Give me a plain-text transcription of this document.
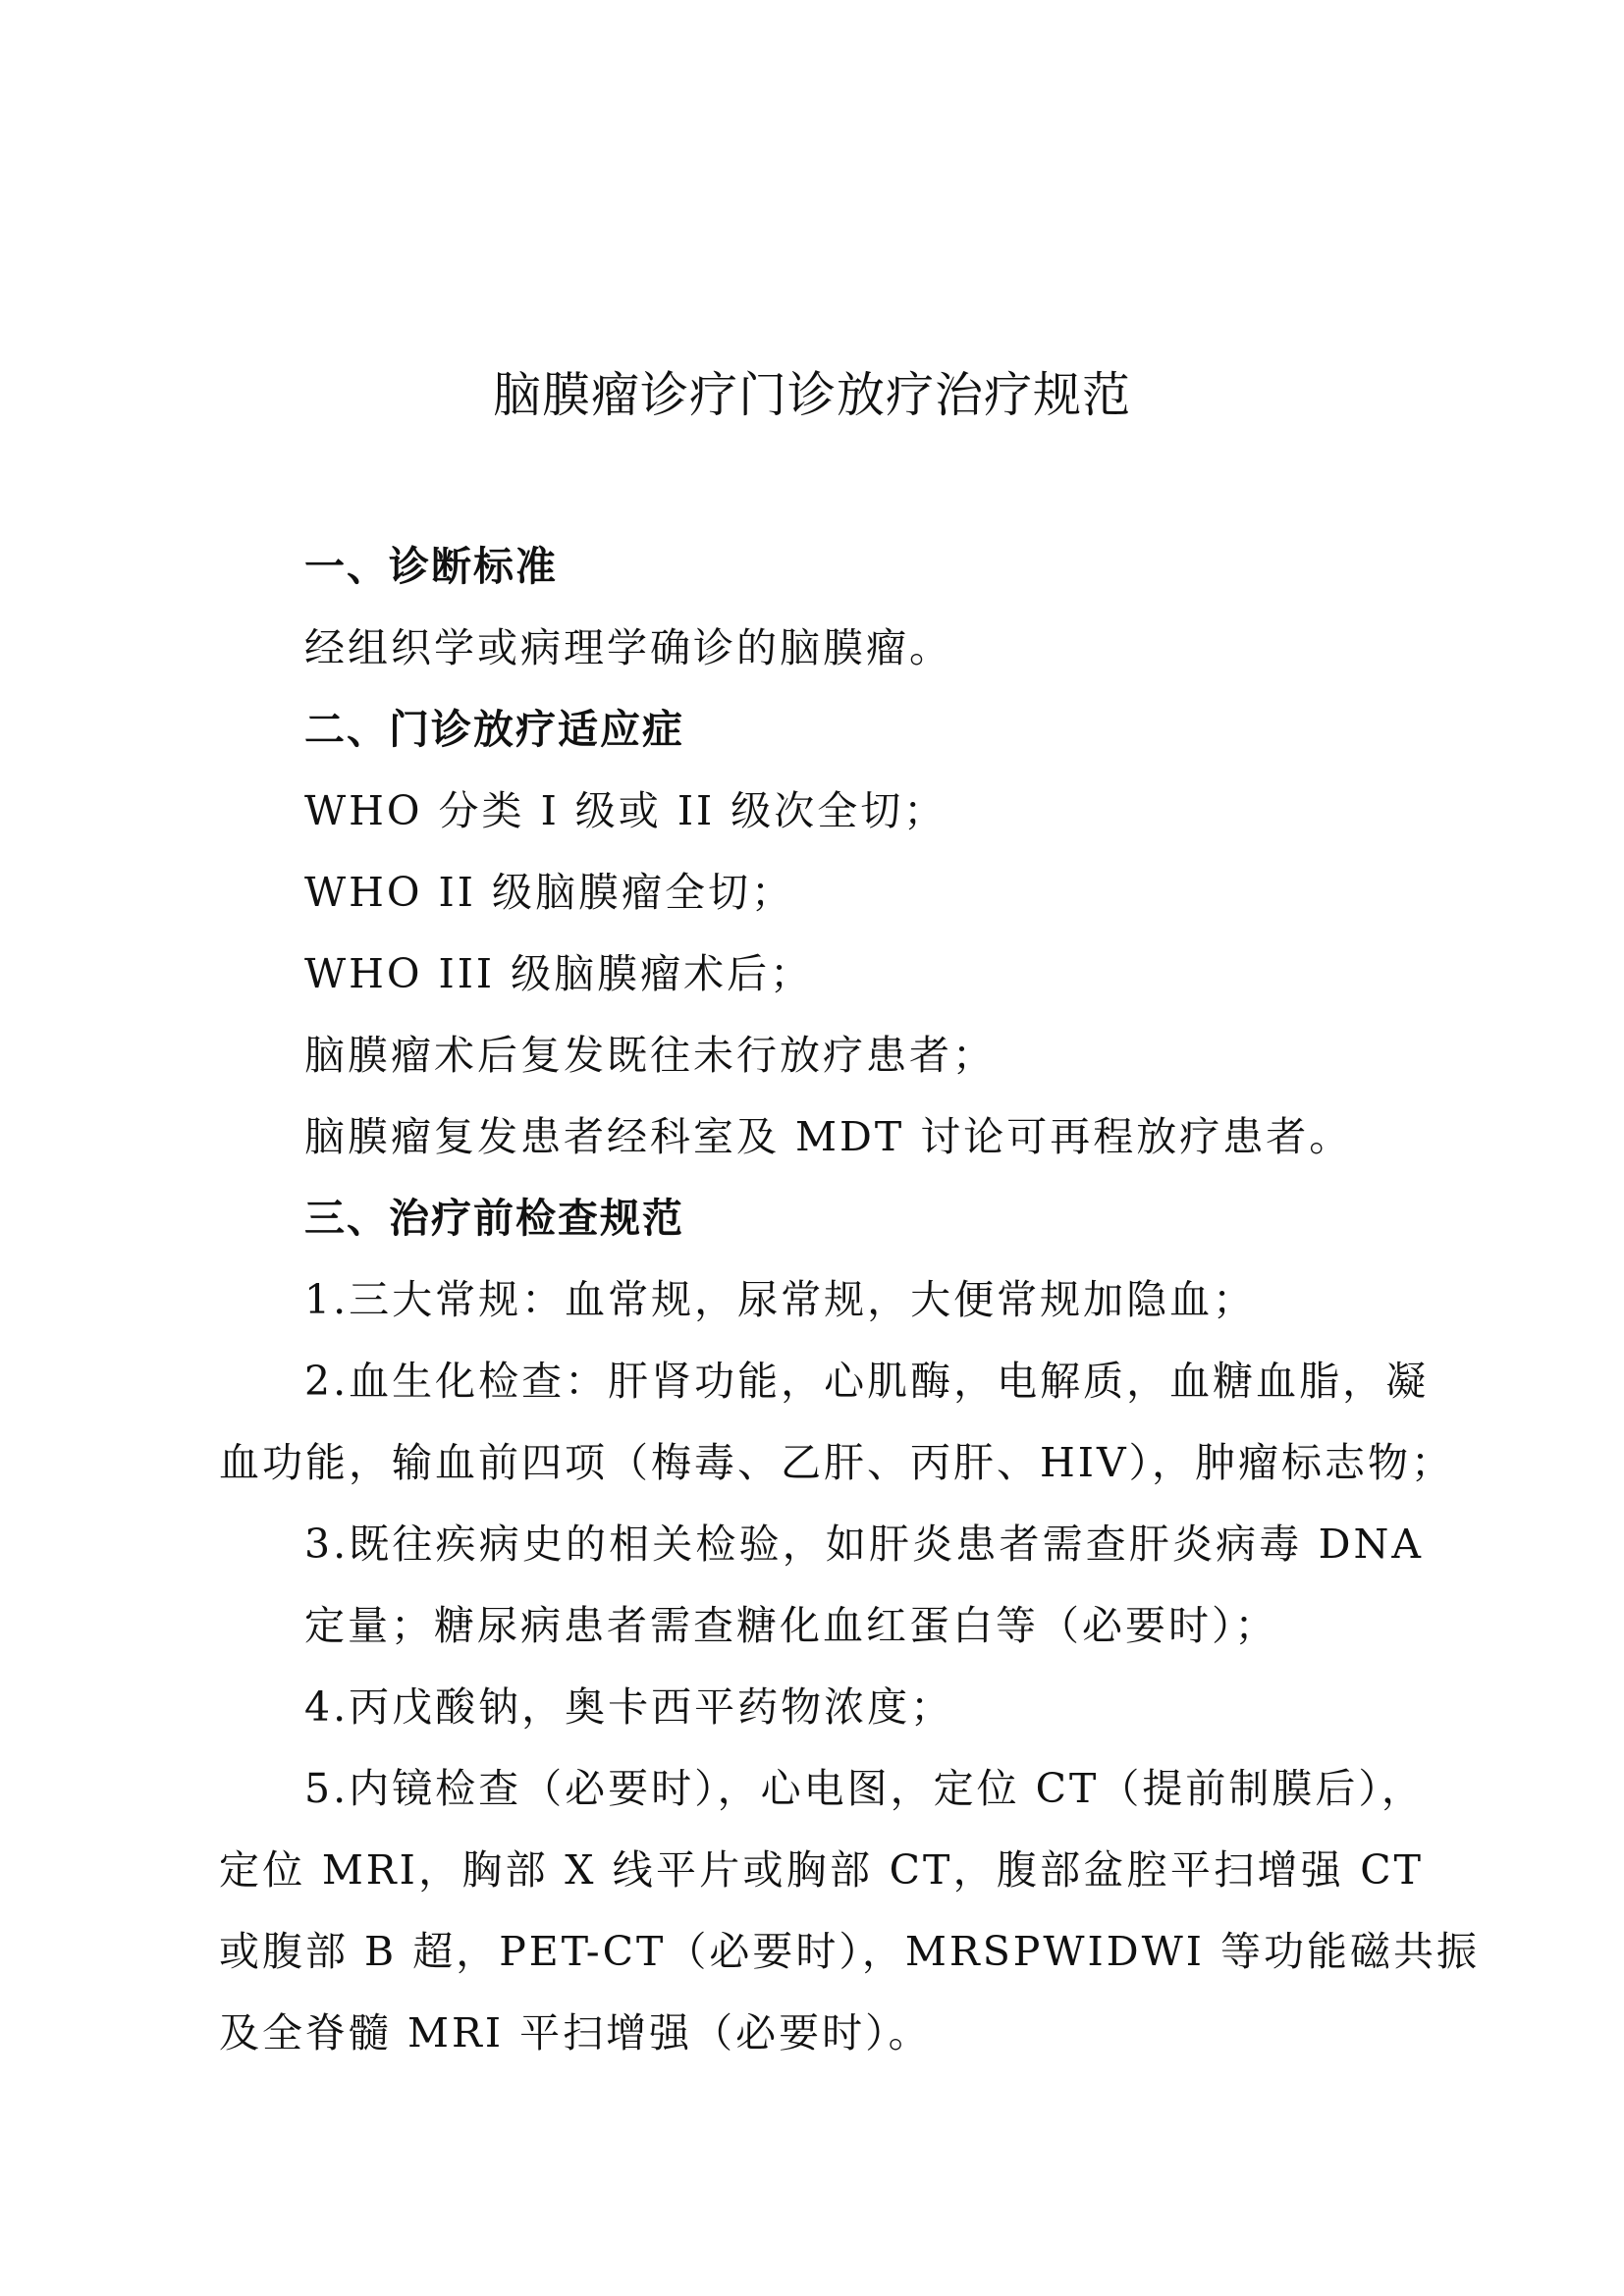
脑膜瘤诊疗门诊放疗治疗规范
一、诊断标准
经组织学或病理学确诊的脑膜瘤。
二、门诊放疗适应症
WHO 分类 I 级或 II 级次全切；
WHO II 级脑膜瘤全切；
WHO III 级脑膜瘤术后；
脑膜瘤术后复发既往未行放疗患者；
脑膜瘤复发患者经科室及 MDT 讨论可再程放疗患者。
三、治疗前检查规范
1.三大常规：血常规，尿常规，大便常规加隐血；
2.血生化检查：肝肾功能，心肌酶，电解质，血糖血脂，凝
血功能，输血前四项（梅毒、乙肝、丙肝、HIV），肿瘤标志物；
3.既往疾病史的相关检验，如肝炎患者需查肝炎病毒 DNA
定量；糖尿病患者需查糖化血红蛋白等（必要时）；
4.丙戊酸钠，奥卡西平药物浓度；
5.内镜检查（必要时），心电图，定位 CT（提前制膜后），
定位 MRI，胸部 X 线平片或胸部 CT，腹部盆腔平扫增强 CT
或腹部 B 超，PET-CT（必要时），MRSPWIDWI 等功能磁共振
及全脊髓 MRI 平扫增强（必要时）。
